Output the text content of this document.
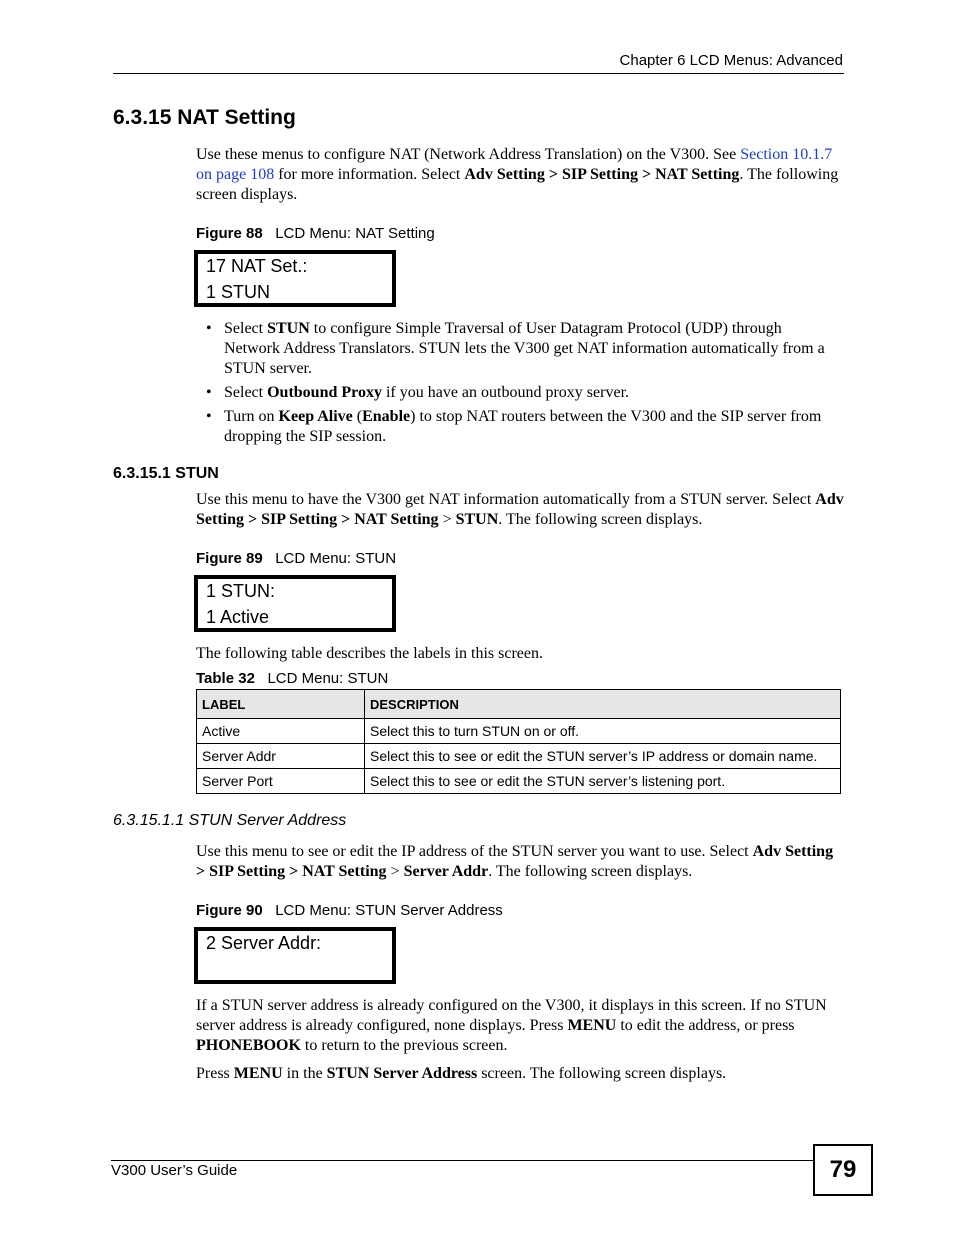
Chapter 6 LCD Menus: Advanced
6.3.15 NAT Setting
Use these menus to configure NAT (Network Address Translation) on the V300. See Section 10.1.7 on page 108 for more information. Select Adv Setting > SIP Setting > NAT Setting. The following screen displays.
Figure 88 LCD Menu: NAT Setting
17 NAT Set.:
1 STUN
• Select STUN to configure Simple Traversal of User Datagram Protocol (UDP) through Network Address Translators. STUN lets the V300 get NAT information automatically from a STUN server.
• Select Outbound Proxy if you have an outbound proxy server.
• Turn on Keep Alive (Enable) to stop NAT routers between the V300 and the SIP server from dropping the SIP session.
6.3.15.1 STUN
Use this menu to have the V300 get NAT information automatically from a STUN server. Select Adv Setting > SIP Setting > NAT Setting > STUN. The following screen displays.
Figure 89 LCD Menu: STUN
1 STUN:
1 Active
The following table describes the labels in this screen.
Table 32 LCD Menu: STUN
LABEL	DESCRIPTION
Active	Select this to turn STUN on or off.
Server Addr	Select this to see or edit the STUN server’s IP address or domain name.
Server Port	Select this to see or edit the STUN server’s listening port.
6.3.15.1.1 STUN Server Address
Use this menu to see or edit the IP address of the STUN server you want to use. Select Adv Setting > SIP Setting > NAT Setting > Server Addr. The following screen displays.
Figure 90 LCD Menu: STUN Server Address
2 Server Addr:
If a STUN server address is already configured on the V300, it displays in this screen. If no STUN server address is already configured, none displays. Press MENU to edit the address, or press PHONEBOOK to return to the previous screen.
Press MENU in the STUN Server Address screen. The following screen displays.
V300 User’s Guide	79
